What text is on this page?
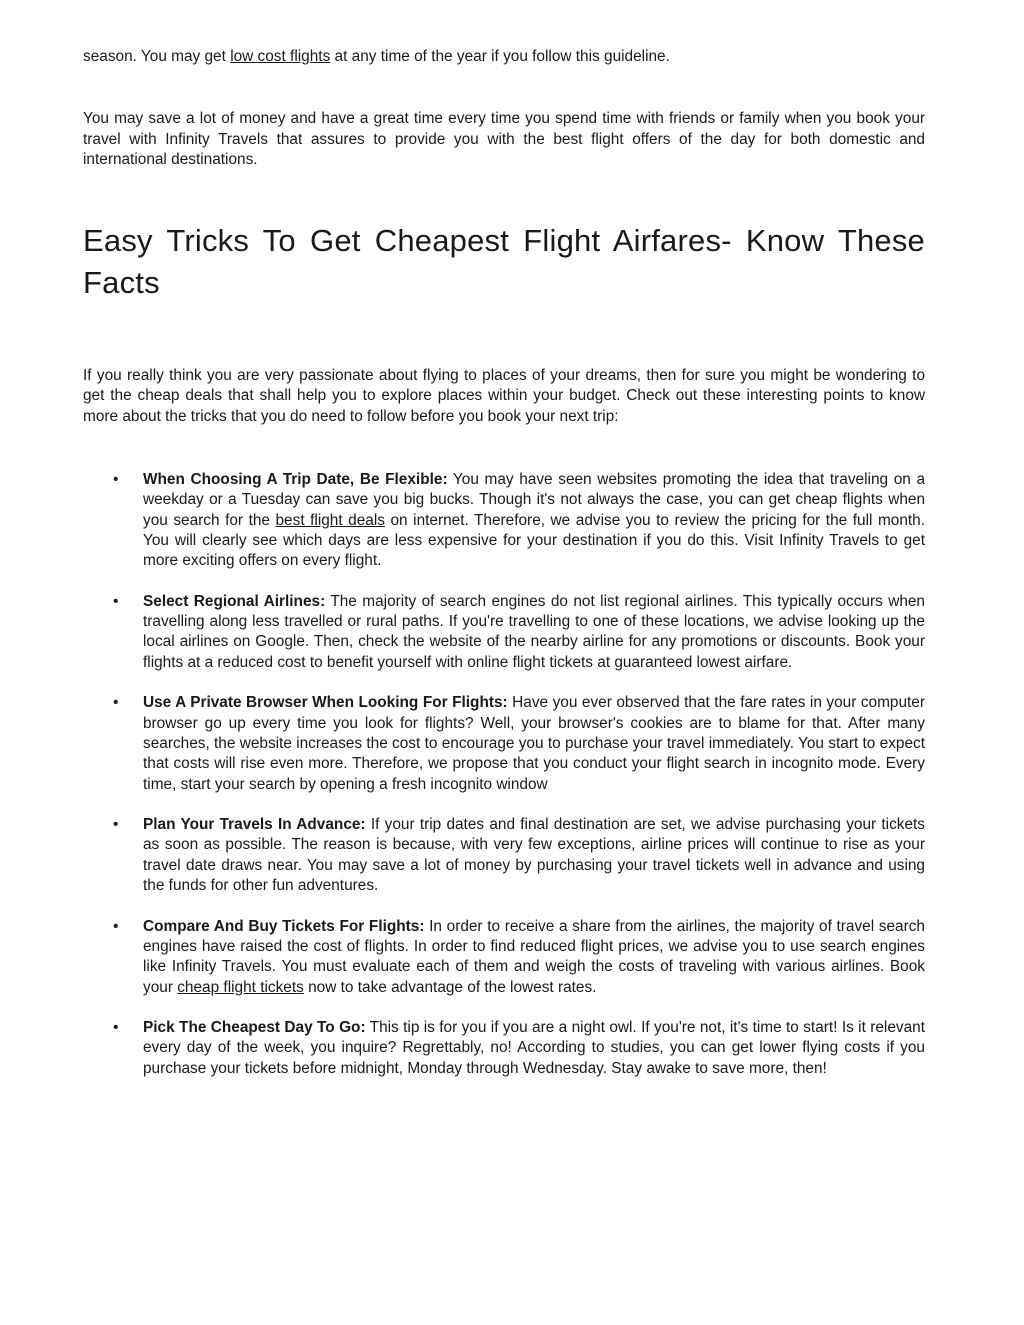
season. You may get low cost flights at any time of the year if you follow this guideline.

You may save a lot of money and have a great time every time you spend time with friends or family when you book your travel with Infinity Travels that assures to provide you with the best flight offers of the day for both domestic and international destinations.

Easy Tricks To Get Cheapest Flight Airfares- Know These Facts

If you really think you are very passionate about flying to places of your dreams, then for sure you might be wondering to get the cheap deals that shall help you to explore places within your budget. Check out these interesting points to know more about the tricks that you do need to follow before you book your next trip:

• When Choosing A Trip Date, Be Flexible: You may have seen websites promoting the idea that traveling on a weekday or a Tuesday can save you big bucks. Though it's not always the case, you can get cheap flights when you search for the best flight deals on internet. Therefore, we advise you to review the pricing for the full month. You will clearly see which days are less expensive for your destination if you do this. Visit Infinity Travels to get more exciting offers on every flight.

• Select Regional Airlines: The majority of search engines do not list regional airlines. This typically occurs when travelling along less travelled or rural paths. If you're travelling to one of these locations, we advise looking up the local airlines on Google. Then, check the website of the nearby airline for any promotions or discounts. Book your flights at a reduced cost to benefit yourself with online flight tickets at guaranteed lowest airfare.

• Use A Private Browser When Looking For Flights: Have you ever observed that the fare rates in your computer browser go up every time you look for flights? Well, your browser's cookies are to blame for that. After many searches, the website increases the cost to encourage you to purchase your travel immediately. You start to expect that costs will rise even more. Therefore, we propose that you conduct your flight search in incognito mode. Every time, start your search by opening a fresh incognito window

• Plan Your Travels In Advance: If your trip dates and final destination are set, we advise purchasing your tickets as soon as possible. The reason is because, with very few exceptions, airline prices will continue to rise as your travel date draws near. You may save a lot of money by purchasing your travel tickets well in advance and using the funds for other fun adventures.

• Compare And Buy Tickets For Flights: In order to receive a share from the airlines, the majority of travel search engines have raised the cost of flights. In order to find reduced flight prices, we advise you to use search engines like Infinity Travels. You must evaluate each of them and weigh the costs of traveling with various airlines. Book your cheap flight tickets now to take advantage of the lowest rates.

• Pick The Cheapest Day To Go: This tip is for you if you are a night owl. If you're not, it's time to start! Is it relevant every day of the week, you inquire? Regrettably, no! According to studies, you can get lower flying costs if you purchase your tickets before midnight, Monday through Wednesday. Stay awake to save more, then!
